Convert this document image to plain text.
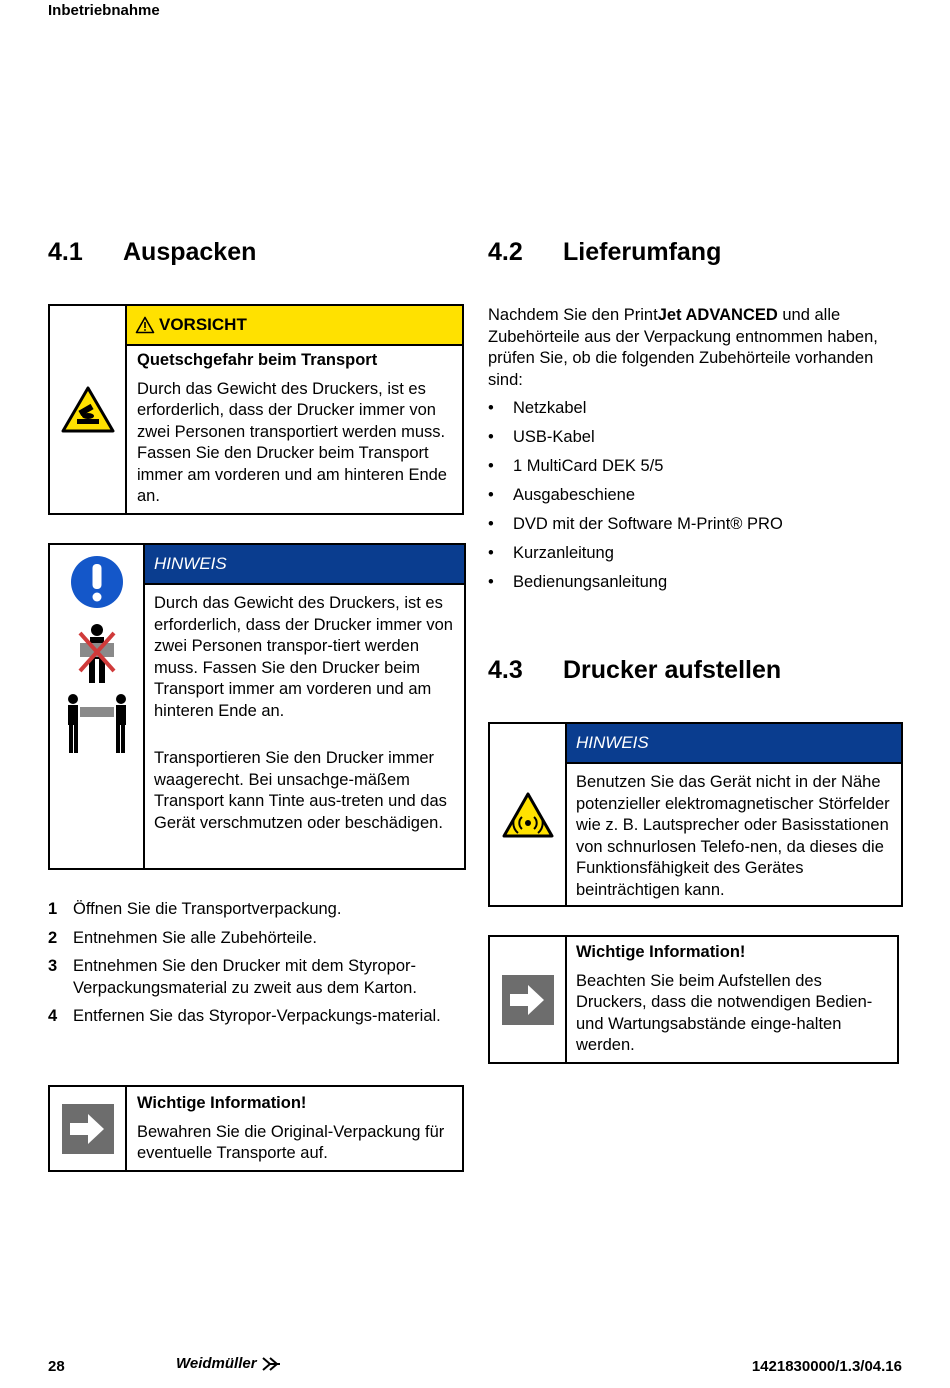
Inbetriebnahme
4.1	Auspacken
VORSICHT
Quetschgefahr beim Transport
Durch das Gewicht des Druckers, ist es erforderlich, dass der Drucker immer von zwei Personen transportiert werden muss. Fassen Sie den Drucker beim Transport immer am vorderen und am hinteren Ende an.
HINWEIS
Durch das Gewicht des Druckers, ist es erforderlich, dass der Drucker immer von zwei Personen transpor-tiert werden muss. Fassen Sie den Drucker beim Transport immer am vorderen und am hinteren Ende an.
Transportieren Sie den Drucker immer waagerecht. Bei unsachge-mäßem Transport kann Tinte aus-treten und das Gerät verschmutzen oder beschädigen.
1 Öffnen Sie die Transportverpackung.
2 Entnehmen Sie alle Zubehörteile.
3 Entnehmen Sie den Drucker mit dem Styropor-Verpackungsmaterial zu zweit aus dem Karton.
4 Entfernen Sie das Styropor-Verpackungs-material.
Wichtige Information!
Bewahren Sie die Original-Verpackung für eventuelle Transporte auf.
4.2	Lieferumfang
Nachdem Sie den PrintJet ADVANCED und alle Zubehörteile aus der Verpackung entnommen haben, prüfen Sie, ob die folgenden Zubehörteile vorhanden sind:
•	Netzkabel
•	USB-Kabel
•	1 MultiCard DEK 5/5
•	Ausgabeschiene
•	DVD mit der Software M-Print® PRO
•	Kurzanleitung
•	Bedienungsanleitung
4.3	Drucker aufstellen
HINWEIS
Benutzen Sie das Gerät nicht in der Nähe potenzieller elektromagnetischer Störfelder wie z. B. Lautsprecher oder Basisstationen von schnurlosen Telefo-nen, da dieses die Funktionsfähigkeit des Gerätes beinträchtigen kann.
Wichtige Information!
Beachten Sie beim Aufstellen des Druckers, dass die notwendigen Bedien- und Wartungsabstände einge-halten werden.
28	Weidmüller	1421830000/1.3/04.16
